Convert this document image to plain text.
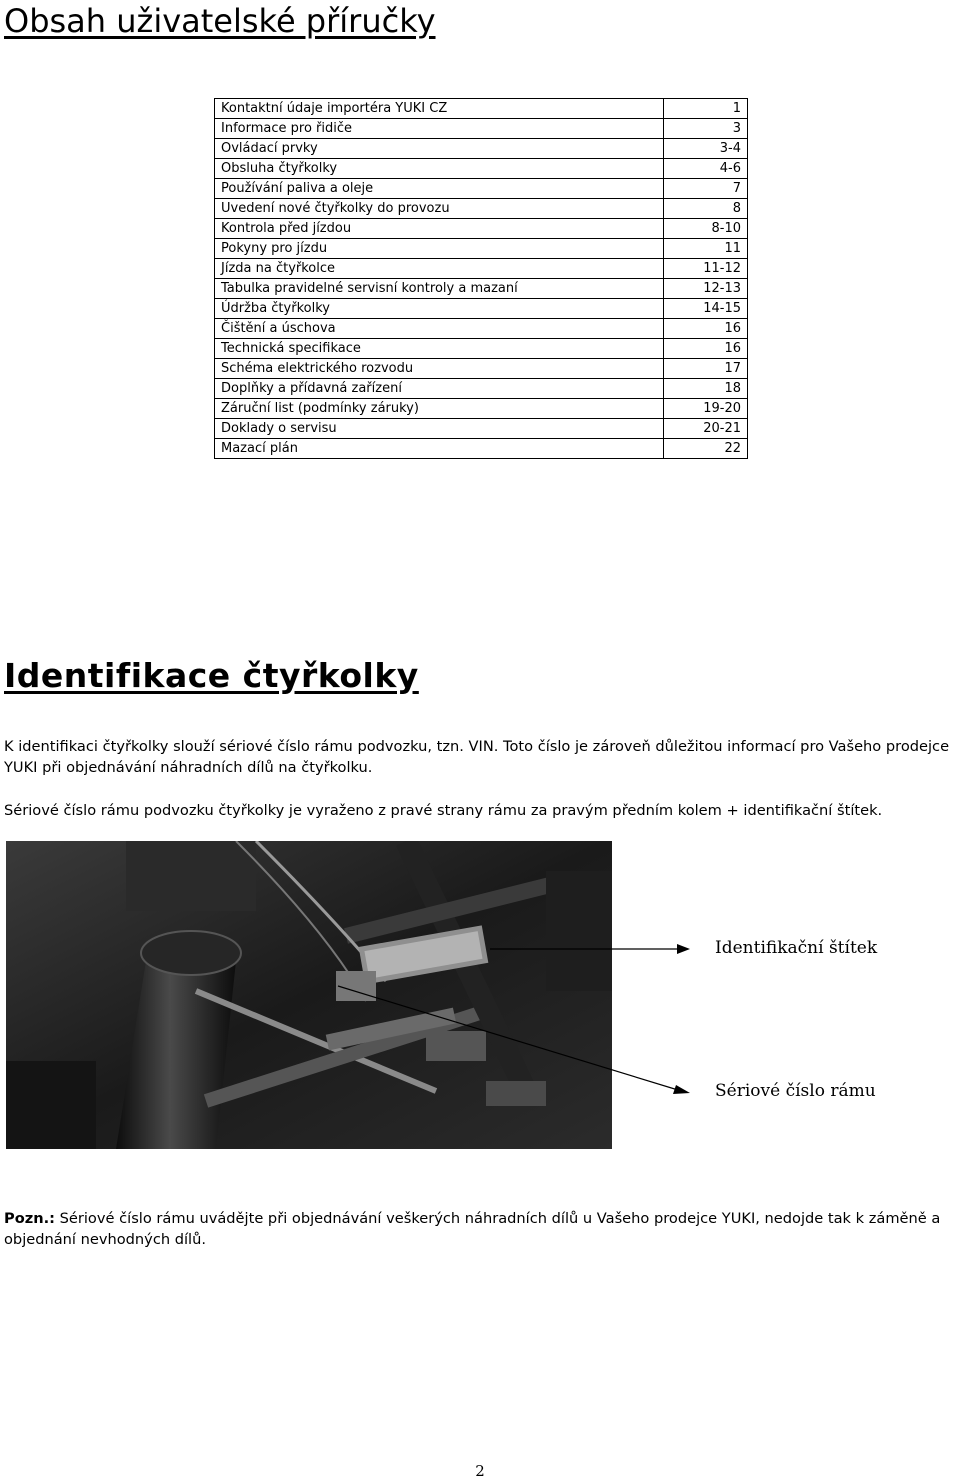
Obsah uživatelské příručky
Kontaktní údaje importéra YUKI CZ	1
Informace pro řidiče	3
Ovládací prvky	3-4
Obsluha čtyřkolky	4-6
Používání paliva a oleje	7
Uvedení nové čtyřkolky do provozu	8
Kontrola před jízdou	8-10
Pokyny pro jízdu	11
Jízda na čtyřkolce	11-12
Tabulka pravidelné servisní kontroly a mazaní	12-13
Údržba čtyřkolky	14-15
Čištění a úschova	16
Technická specifikace	16
Schéma elektrického rozvodu	17
Doplňky a přídavná zařízení	18
Záruční list (podmínky záruky)	19-20
Doklady o servisu	20-21
Mazací plán	22
Identifikace čtyřkolky

K identifikaci čtyřkolky slouží sériové číslo rámu podvozku, tzn. VIN. Toto číslo je zároveň důležitou informací pro Vašeho prodejce YUKI při objednávání náhradních dílů na čtyřkolku.

Sériové číslo rámu podvozku čtyřkolky je vyraženo z pravé strany rámu za pravým předním kolem + identifikační štítek.

Identifikační štítek
Sériové číslo rámu

Pozn.: Sériové číslo rámu uvádějte při objednávání veškerých náhradních dílů u Vašeho prodejce YUKI, nedojde tak k záměně a objednání nevhodných dílů.

2
